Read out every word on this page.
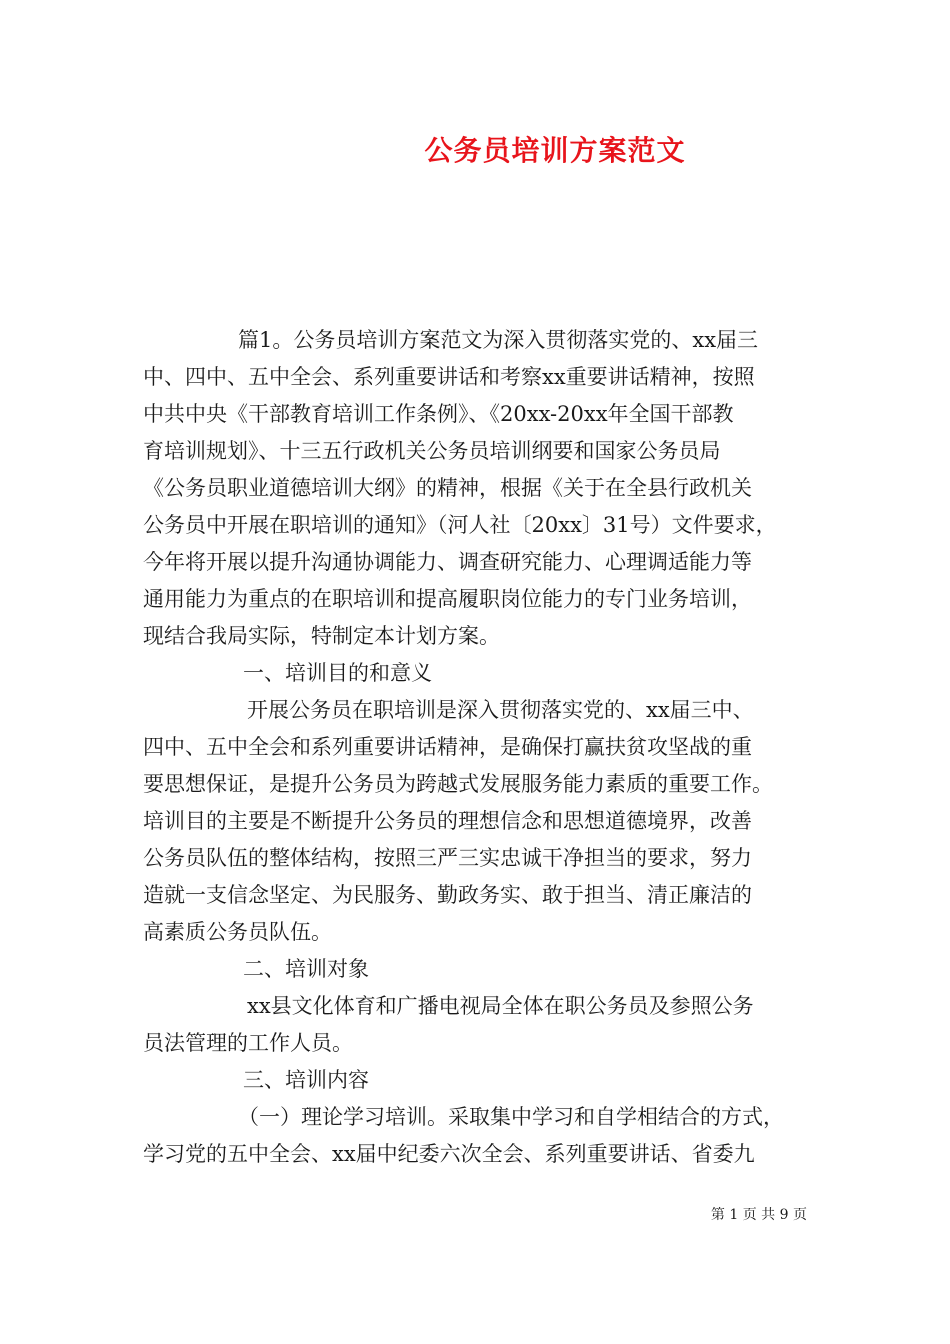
公务员培训方案范文
篇1。公务员培训方案范文为深入贯彻落实党的、xx届三
中、四中、五中全会、系列重要讲话和考察xx重要讲话精神，按照
中共中央《干部教育培训工作条例》、《20xx-20xx年全国干部教
育培训规划》、十三五行政机关公务员培训纲要和国家公务员局
《公务员职业道德培训大纲》的精神，根据《关于在全县行政机关
公务员中开展在职培训的通知》（河人社〔20xx〕31号）文件要求，
今年将开展以提升沟通协调能力、调查研究能力、心理调适能力等
通用能力为重点的在职培训和提高履职岗位能力的专门业务培训，
现结合我局实际，特制定本计划方案。
一、培训目的和意义
开展公务员在职培训是深入贯彻落实党的、xx届三中、
四中、五中全会和系列重要讲话精神，是确保打赢扶贫攻坚战的重
要思想保证，是提升公务员为跨越式发展服务能力素质的重要工作。
培训目的主要是不断提升公务员的理想信念和思想道德境界，改善
公务员队伍的整体结构，按照三严三实忠诚干净担当的要求，努力
造就一支信念坚定、为民服务、勤政务实、敢于担当、清正廉洁的
高素质公务员队伍。
二、培训对象
xx县文化体育和广播电视局全体在职公务员及参照公务
员法管理的工作人员。
三、培训内容
（一）理论学习培训。采取集中学习和自学相结合的方式，
学习党的五中全会、xx届中纪委六次全会、系列重要讲话、省委九
第 1 页 共 9 页
